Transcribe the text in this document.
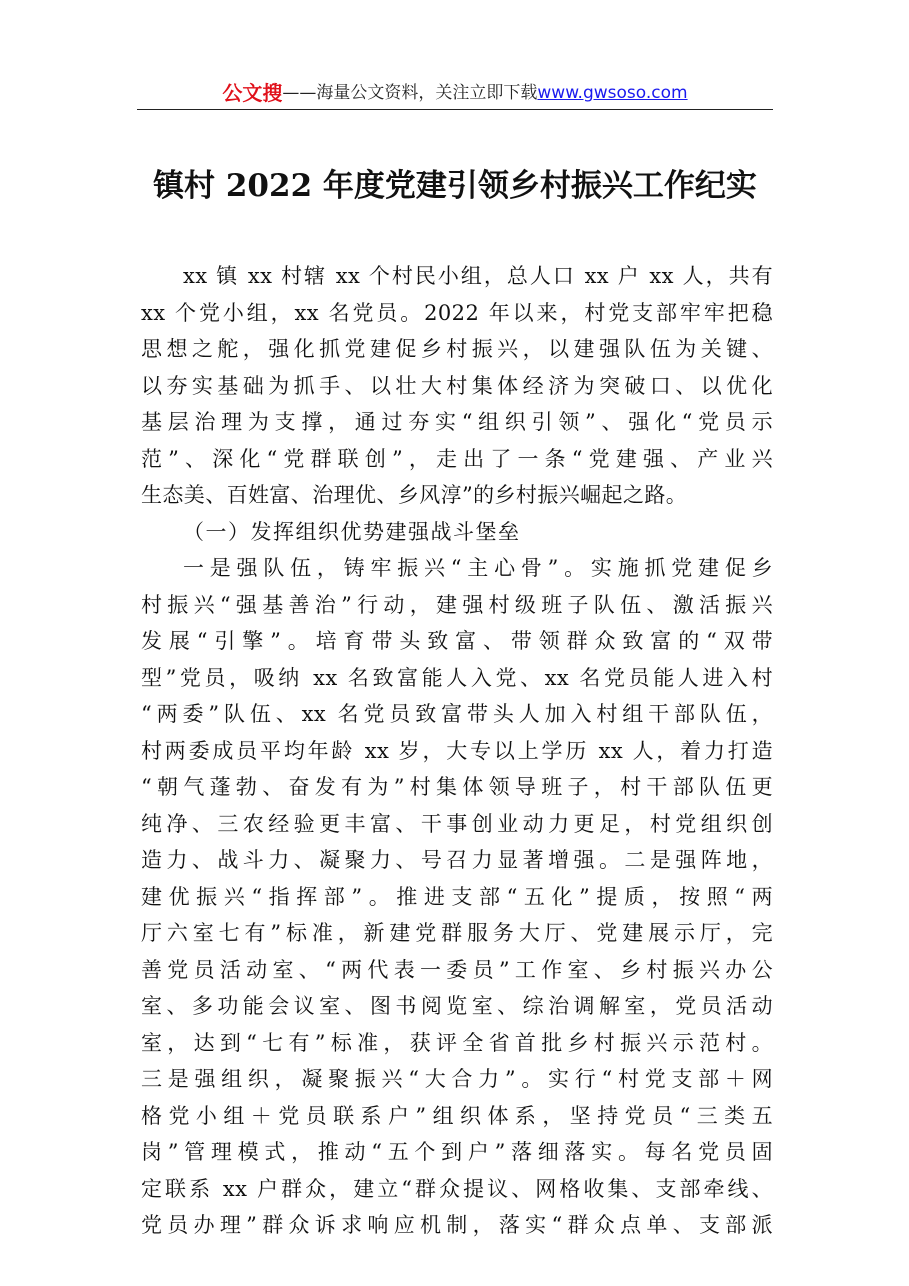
公文搜 ——海量公文资料，关注立即下载 www.gwsoso.com
镇村 2022 年度党建引领乡村振兴工作纪实
xx 镇 xx 村辖 xx 个村民小组，总人口 xx 户 xx 人，共有
xx 个党小组，xx 名党员。2022 年以来，村党支部牢牢把稳
思想之舵，强化抓党建促乡村振兴，以建强队伍为关键、
以夯实基础为抓手、以壮大村集体经济为突破口、以优化
基层治理为支撑，通过夯实“组织引领”、强化“党员示
范”、深化“党群联创”，走出了一条“党建强、产业兴
生态美、百姓富、治理优、乡风淳”的乡村振兴崛起之路。
（一）发挥组织优势建强战斗堡垒
一是强队伍，铸牢振兴“主心骨”。实施抓党建促乡
村振兴“强基善治”行动，建强村级班子队伍、激活振兴
发展“引擎”。培育带头致富、带领群众致富的“双带
型”党员，吸纳 xx 名致富能人入党、xx 名党员能人进入村
“两委”队伍、xx 名党员致富带头人加入村组干部队伍，
村两委成员平均年龄 xx 岁，大专以上学历 xx 人，着力打造
“朝气蓬勃、奋发有为”村集体领导班子，村干部队伍更
纯净、三农经验更丰富、干事创业动力更足，村党组织创
造力、战斗力、凝聚力、号召力显著增强。二是强阵地，
建优振兴“指挥部”。推进支部“五化”提质，按照“两
厅六室七有”标准，新建党群服务大厅、党建展示厅，完
善党员活动室、“两代表一委员”工作室、乡村振兴办公
室、多功能会议室、图书阅览室、综治调解室，党员活动
室，达到“七有”标准，获评全省首批乡村振兴示范村。
三是强组织，凝聚振兴“大合力”。实行“村党支部＋网
格党小组＋党员联系户”组织体系，坚持党员“三类五
岗”管理模式，推动“五个到户”落细落实。每名党员固
定联系 xx 户群众，建立“群众提议、网格收集、支部牵线、
党员办理”群众诉求响应机制，落实“群众点单、支部派
